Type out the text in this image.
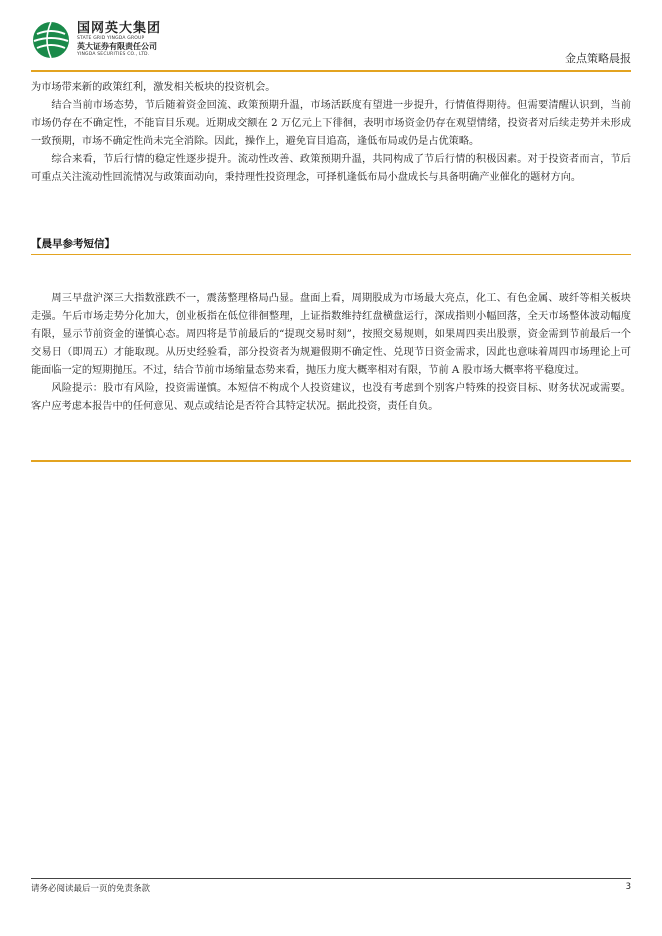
国网英大集团
STATE GRID YINGDA GROUP
英大证券有限责任公司
YINGDA SECURITIES CO., LTD.	金点策略晨报

为市场带来新的政策红利，激发相关板块的投资机会。

结合当前市场态势，节后随着资金回流、政策预期升温，市场活跃度有望进一步提升，行情值得期待。但需要清醒认识到，当前市场仍存在不确定性，不能盲目乐观。近期成交额在 2 万亿元上下徘徊，表明市场资金仍存在观望情绪，投资者对后续走势并未形成一致预期，市场不确定性尚未完全消除。因此，操作上，避免盲目追高，逢低布局或仍是占优策略。

综合来看，节后行情的稳定性逐步提升。流动性改善、政策预期升温，共同构成了节后行情的积极因素。对于投资者而言，节后可重点关注流动性回流情况与政策面动向，秉持理性投资理念，可择机逢低布局小盘成长与具备明确产业催化的题材方向。

【晨早参考短信】

周三早盘沪深三大指数涨跌不一，震荡整理格局凸显。盘面上看，周期股成为市场最大亮点，化工、有色金属、玻纤等相关板块走强。午后市场走势分化加大，创业板指在低位徘徊整理，上证指数维持红盘横盘运行，深成指则小幅回落，全天市场整体波动幅度有限，显示节前资金的谨慎心态。周四将是节前最后的“提现交易时刻”，按照交易规则，如果周四卖出股票，资金需到节前最后一个交易日（即周五）才能取现。从历史经验看，部分投资者为规避假期不确定性、兑现节日资金需求，因此也意味着周四市场理论上可能面临一定的短期抛压。不过，结合节前市场缩量态势来看，抛压力度大概率相对有限，节前 A 股市场大概率将平稳度过。

风险提示：股市有风险，投资需谨慎。本短信不构成个人投资建议，也没有考虑到个别客户特殊的投资目标、财务状况或需要。客户应考虑本报告中的任何意见、观点或结论是否符合其特定状况。据此投资，责任自负。

请务必阅读最后一页的免责条款	3
